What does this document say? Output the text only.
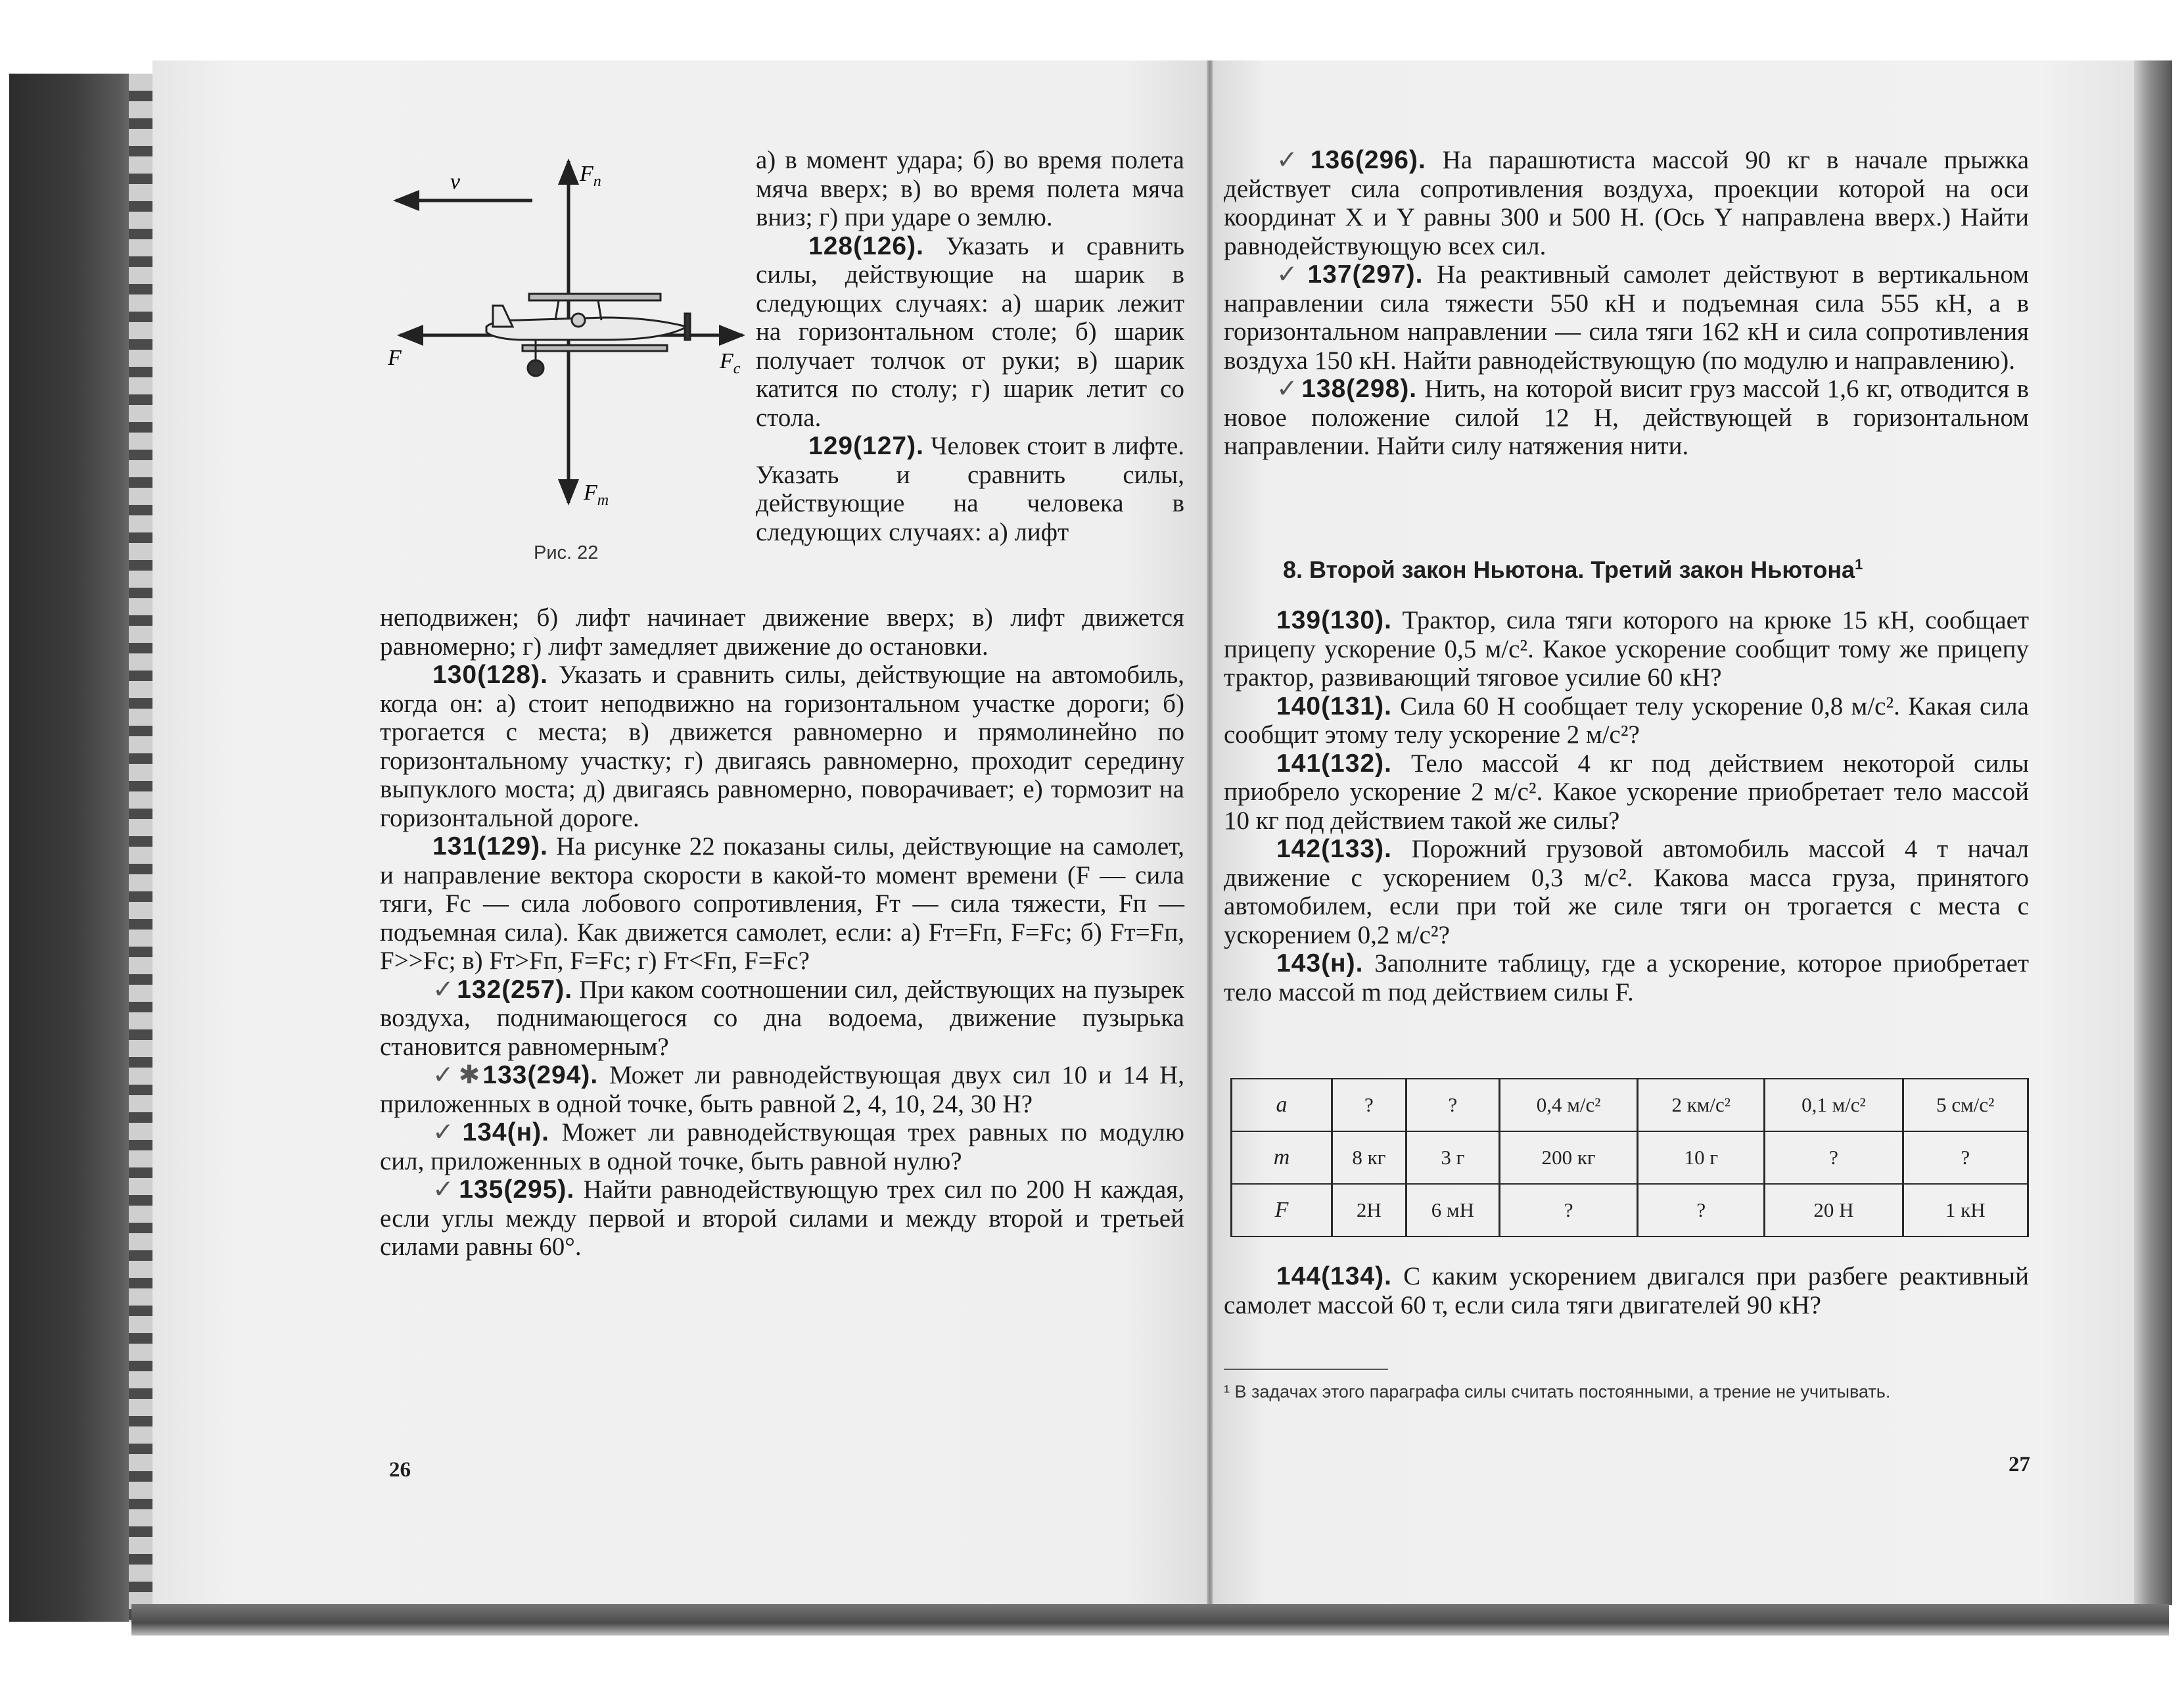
v	$F_п$
F	$F_c$
$F_т$
Рис. 22

а) в момент удара; б) во время полета мяча вверх; в) во время полета мяча вниз; г) при ударе о землю.

128(126). Указать и сравнить силы, действующие на шарик в следующих случаях: а) шарик лежит на горизонтальном столе; б) шарик получает толчок от руки; в) шарик катится по столу; г) шарик летит со стола.

129(127). Человек стоит в лифте. Указать и сравнить силы, действующие на человека в следующих случаях: а) лифт

неподвижен; б) лифт начинает движение вверх; в) лифт движется равномерно; г) лифт замедляет движение до остановки.

130(128). Указать и сравнить силы, действующие на автомобиль, когда он: а) стоит неподвижно на горизонтальном участке дороги; б) трогается с места; в) движется равномерно и прямолинейно по горизонтальному участку; г) двигаясь равномерно, проходит середину выпуклого моста; д) двигаясь равномерно, поворачивает; е) тормозит на горизонтальной дороге.

131(129). На рисунке 22 показаны силы, действующие на самолет, и направление вектора скорости в какой-то момент времени (F — сила тяги, Fc — сила лобового сопротивления, Fт — сила тяжести, Fп — подъемная сила). Как движется самолет, если: а) Fт=Fп, F=Fc; б) Fт=Fп, F>>Fc; в) Fт>Fп, F=Fc; г) Fт<Fп, F=Fc?

✓ 132(257). При каком соотношении сил, действующих на пузырек воздуха, поднимающегося со дна водоема, движение пузырька становится равномерным?

✓✱ 133(294). Может ли равнодействующая двух сил 10 и 14 Н, приложенных в одной точке, быть равной 2, 4, 10, 24, 30 Н?

✓ 134(н). Может ли равнодействующая трех равных по модулю сил, приложенных в одной точке, быть равной нулю?

✓ 135(295). Найти равнодействующую трех сил по 200 Н каждая, если углы между первой и второй силами и между второй и третьей силами равны 60°.

26

✓ 136(296). На парашютиста массой 90 кг в начале прыжка действует сила сопротивления воздуха, проекции которой на оси координат X и Y равны 300 и 500 Н. (Ось Y направлена вверх.) Найти равнодействующую всех сил.

✓ 137(297). На реактивный самолет действуют в вертикальном направлении сила тяжести 550 кН и подъемная сила 555 кН, а в горизонтальном направлении — сила тяги 162 кН и сила сопротивления воздуха 150 кН. Найти равнодействующую (по модулю и направлению).

✓ 138(298). Нить, на которой висит груз массой 1,6 кг, отводится в новое положение силой 12 Н, действующей в горизонтальном направлении. Найти силу натяжения нити.

8. Второй закон Ньютона. Третий закон Ньютона$^1$

139(130). Трактор, сила тяги которого на крюке 15 кН, сообщает прицепу ускорение 0,5 м/с². Какое ускорение сообщит тому же прицепу трактор, развивающий тяговое усилие 60 кН?

140(131). Сила 60 Н сообщает телу ускорение 0,8 м/с². Какая сила сообщит этому телу ускорение 2 м/с²?

141(132). Тело массой 4 кг под действием некоторой силы приобрело ускорение 2 м/с². Какое ускорение приобретает тело массой 10 кг под действием такой же силы?

142(133). Порожний грузовой автомобиль массой 4 т начал движение с ускорением 0,3 м/с². Какова масса груза, принятого автомобилем, если при той же силе тяги он трогается с места с ускорением 0,2 м/с²?

143(н). Заполните таблицу, где a ускорение, которое приобретает тело массой m под действием силы F.

a	?	?	0,4 м/с²	2 км/с²	0,1 м/с²	5 см/с²
m	8 кг	3 г	200 кг	10 г	?	?
F	2Н	6 мН	?	?	20 Н	1 кН

144(134). С каким ускорением двигался при разбеге реактивный самолет массой 60 т, если сила тяги двигателей 90 кН?

¹ В задачах этого параграфа силы считать постоянными, а трение не учитывать.
27
